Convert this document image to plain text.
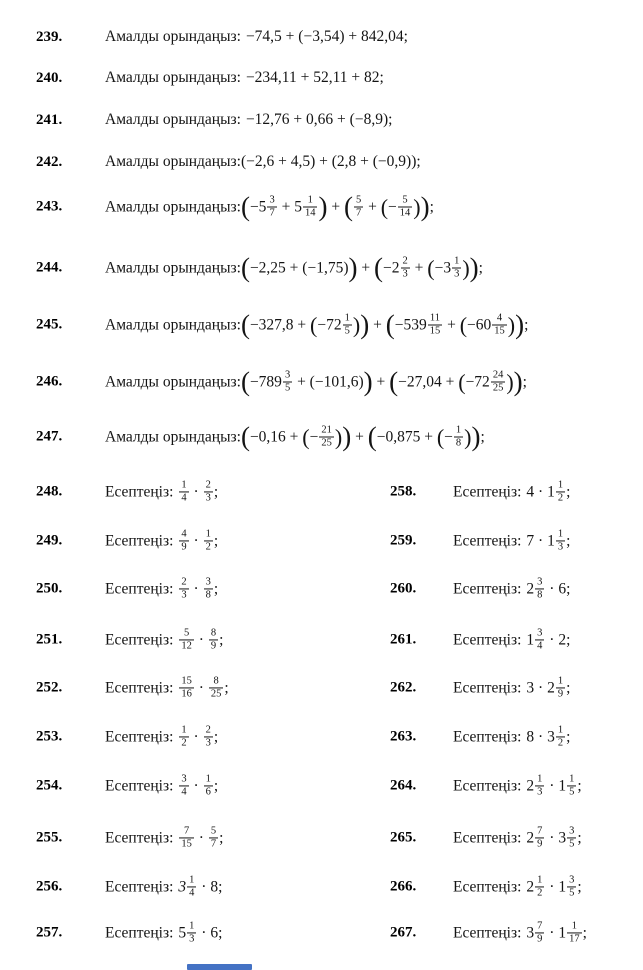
239.	Амалды орындаңыз: −74,5 + (−3,54) + 842,04;
240.	Амалды орындаңыз: −234,11 + 52,11 + 82;
241.	Амалды орындаңыз: −12,76 + 0,66 + (−8,9);
242.	Амалды орындаңыз: (−2,6 + 4,5) + (2,8 + (−0,9));
243.	Амалды орындаңыз: ( $-5 \frac{3}{7} + 5 \frac{1}{14}$ ) + ( $\frac{5}{7}$ + ( − $\frac{5}{14}$ ) ) ;
244.	Амалды орындаңыз: ( −2,25 + (−1,75) ) + ( $-2 \frac{2}{3}$ + ( $-3 \frac{1}{3}$ ) ) ;
245.	Амалды орындаңыз: ( −327,8 + ( $-72 \frac{1}{5}$ ) ) + ( $-539 \frac{11}{15}$ + ( $-60 \frac{4}{15}$ ) ) ;
246.	Амалды орындаңыз: ( $-789 \frac{3}{5} + (-101,6)$ ) + ( −27,04 + ( $-72 \frac{24}{25}$ ) ) ;
247.	Амалды орындаңыз: ( −0,16 + ( − $\frac{21}{25}$ ) ) + ( −0,875 + ( − $\frac{1}{8}$ ) ) ;
248.	Есептеңіз: $\frac{1}{4} \cdot \frac{2}{3}$ ;
249.	Есептеңіз: $\frac{4}{9} \cdot \frac{1}{2}$ ;
250.	Есептеңіз: $\frac{2}{3} \cdot \frac{3}{8}$ ;
251.	Есептеңіз: $\frac{5}{12} \cdot \frac{8}{9}$ ;
252.	Есептеңіз: $\frac{15}{16} \cdot \frac{8}{25}$ ;
253.	Есептеңіз: $\frac{1}{2} \cdot \frac{2}{3}$ ;
254.	Есептеңіз: $\frac{3}{4} \cdot \frac{1}{6}$ ;
255.	Есептеңіз: $\frac{7}{15} \cdot \frac{5}{7}$ ;
256.	Есептеңіз: $3 \frac{1}{4} \cdot 8$;
257.	Есептеңіз: $5 \frac{1}{3} \cdot 6$;
258.	Есептеңіз: $4 \cdot 1 \frac{1}{2}$ ;
259.	Есептеңіз: $7 \cdot 1 \frac{1}{3}$ ;
260.	Есептеңіз: $2 \frac{3}{8} \cdot 6$;
261.	Есептеңіз: $1 \frac{3}{4} \cdot 2$;
262.	Есептеңіз: $3 \cdot 2 \frac{1}{9}$ ;
263.	Есептеңіз: $8 \cdot 3 \frac{1}{2}$ ;
264.	Есептеңіз: $2 \frac{1}{3} \cdot 1 \frac{1}{5}$ ;
265.	Есептеңіз: $2 \frac{7}{9} \cdot 3 \frac{3}{5}$ ;
266.	Есептеңіз: $2 \frac{1}{2} \cdot 1 \frac{3}{5}$ ;
267.	Есептеңіз: $3 \frac{7}{9} \cdot 1 \frac{1}{17}$ ;
